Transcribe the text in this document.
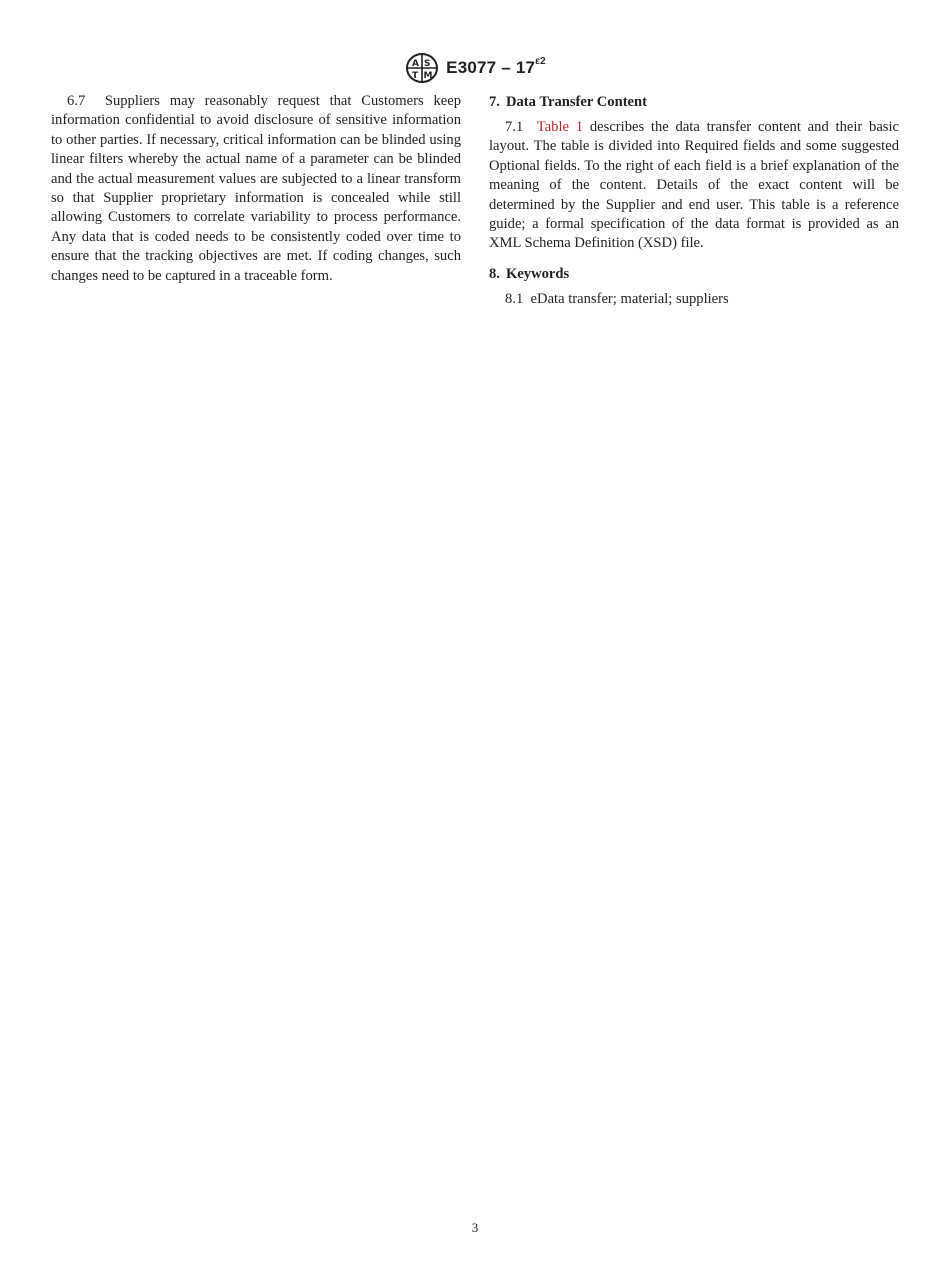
A S
T M $E3077 - 17^{\varepsilon 2}$

6.7 Suppliers may reasonably request that Customers keep information confidential to avoid disclosure of sensitive information to other parties. If necessary, critical information can be blinded using linear filters whereby the actual name of a parameter can be blinded and the actual measurement values are subjected to a linear transform so that Supplier proprietary information is concealed while still allowing Customers to correlate variability to process performance. Any data that is coded needs to be consistently coded over time to ensure that the tracking objectives are met. If coding changes, such changes need to be captured in a traceable form.

7. Data Transfer Content

7.1 Table 1 describes the data transfer content and their basic layout. The table is divided into Required fields and some suggested Optional fields. To the right of each field is a brief explanation of the meaning of the content. Details of the exact content will be determined by the Supplier and end user. This table is a reference guide; a formal specification of the data format is provided as an XML Schema Definition (XSD) file.

8. Keywords

8.1 eData transfer; material; suppliers

3
